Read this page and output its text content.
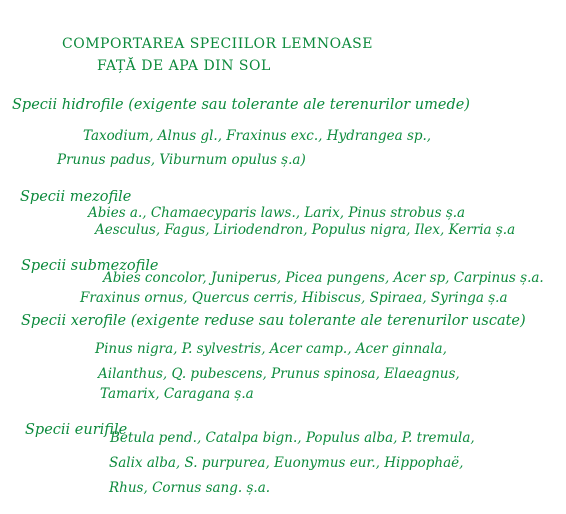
COMPORTAREA SPECIILOR LEMNOASE
FAȚĂ DE APA DIN SOL
Specii hidrofile (exigente sau tolerante ale terenurilor umede)
Taxodium, Alnus gl., Fraxinus exc., Hydrangea sp.,
Prunus padus, Viburnum opulus ș.a)
Specii mezofile
Abies a., Chamaecyparis laws., Larix, Pinus strobus ș.a
Aesculus, Fagus, Liriodendron, Populus nigra, Ilex, Kerria ș.a
Specii submezofile
Abies concolor, Juniperus, Picea pungens, Acer sp, Carpinus ș.a.
Fraxinus ornus, Quercus cerris, Hibiscus, Spiraea, Syringa ș.a
Specii xerofile (exigente reduse sau tolerante ale terenurilor uscate)
Pinus nigra, P. sylvestris, Acer camp., Acer ginnala,
Ailanthus, Q. pubescens, Prunus spinosa, Elaeagnus,
Tamarix, Caragana ș.a
Specii eurifile
Betula pend., Catalpa bign., Populus alba, P. tremula,
Salix alba, S. purpurea, Euonymus eur., Hippophaë,
Rhus, Cornus sang. ș.a.
